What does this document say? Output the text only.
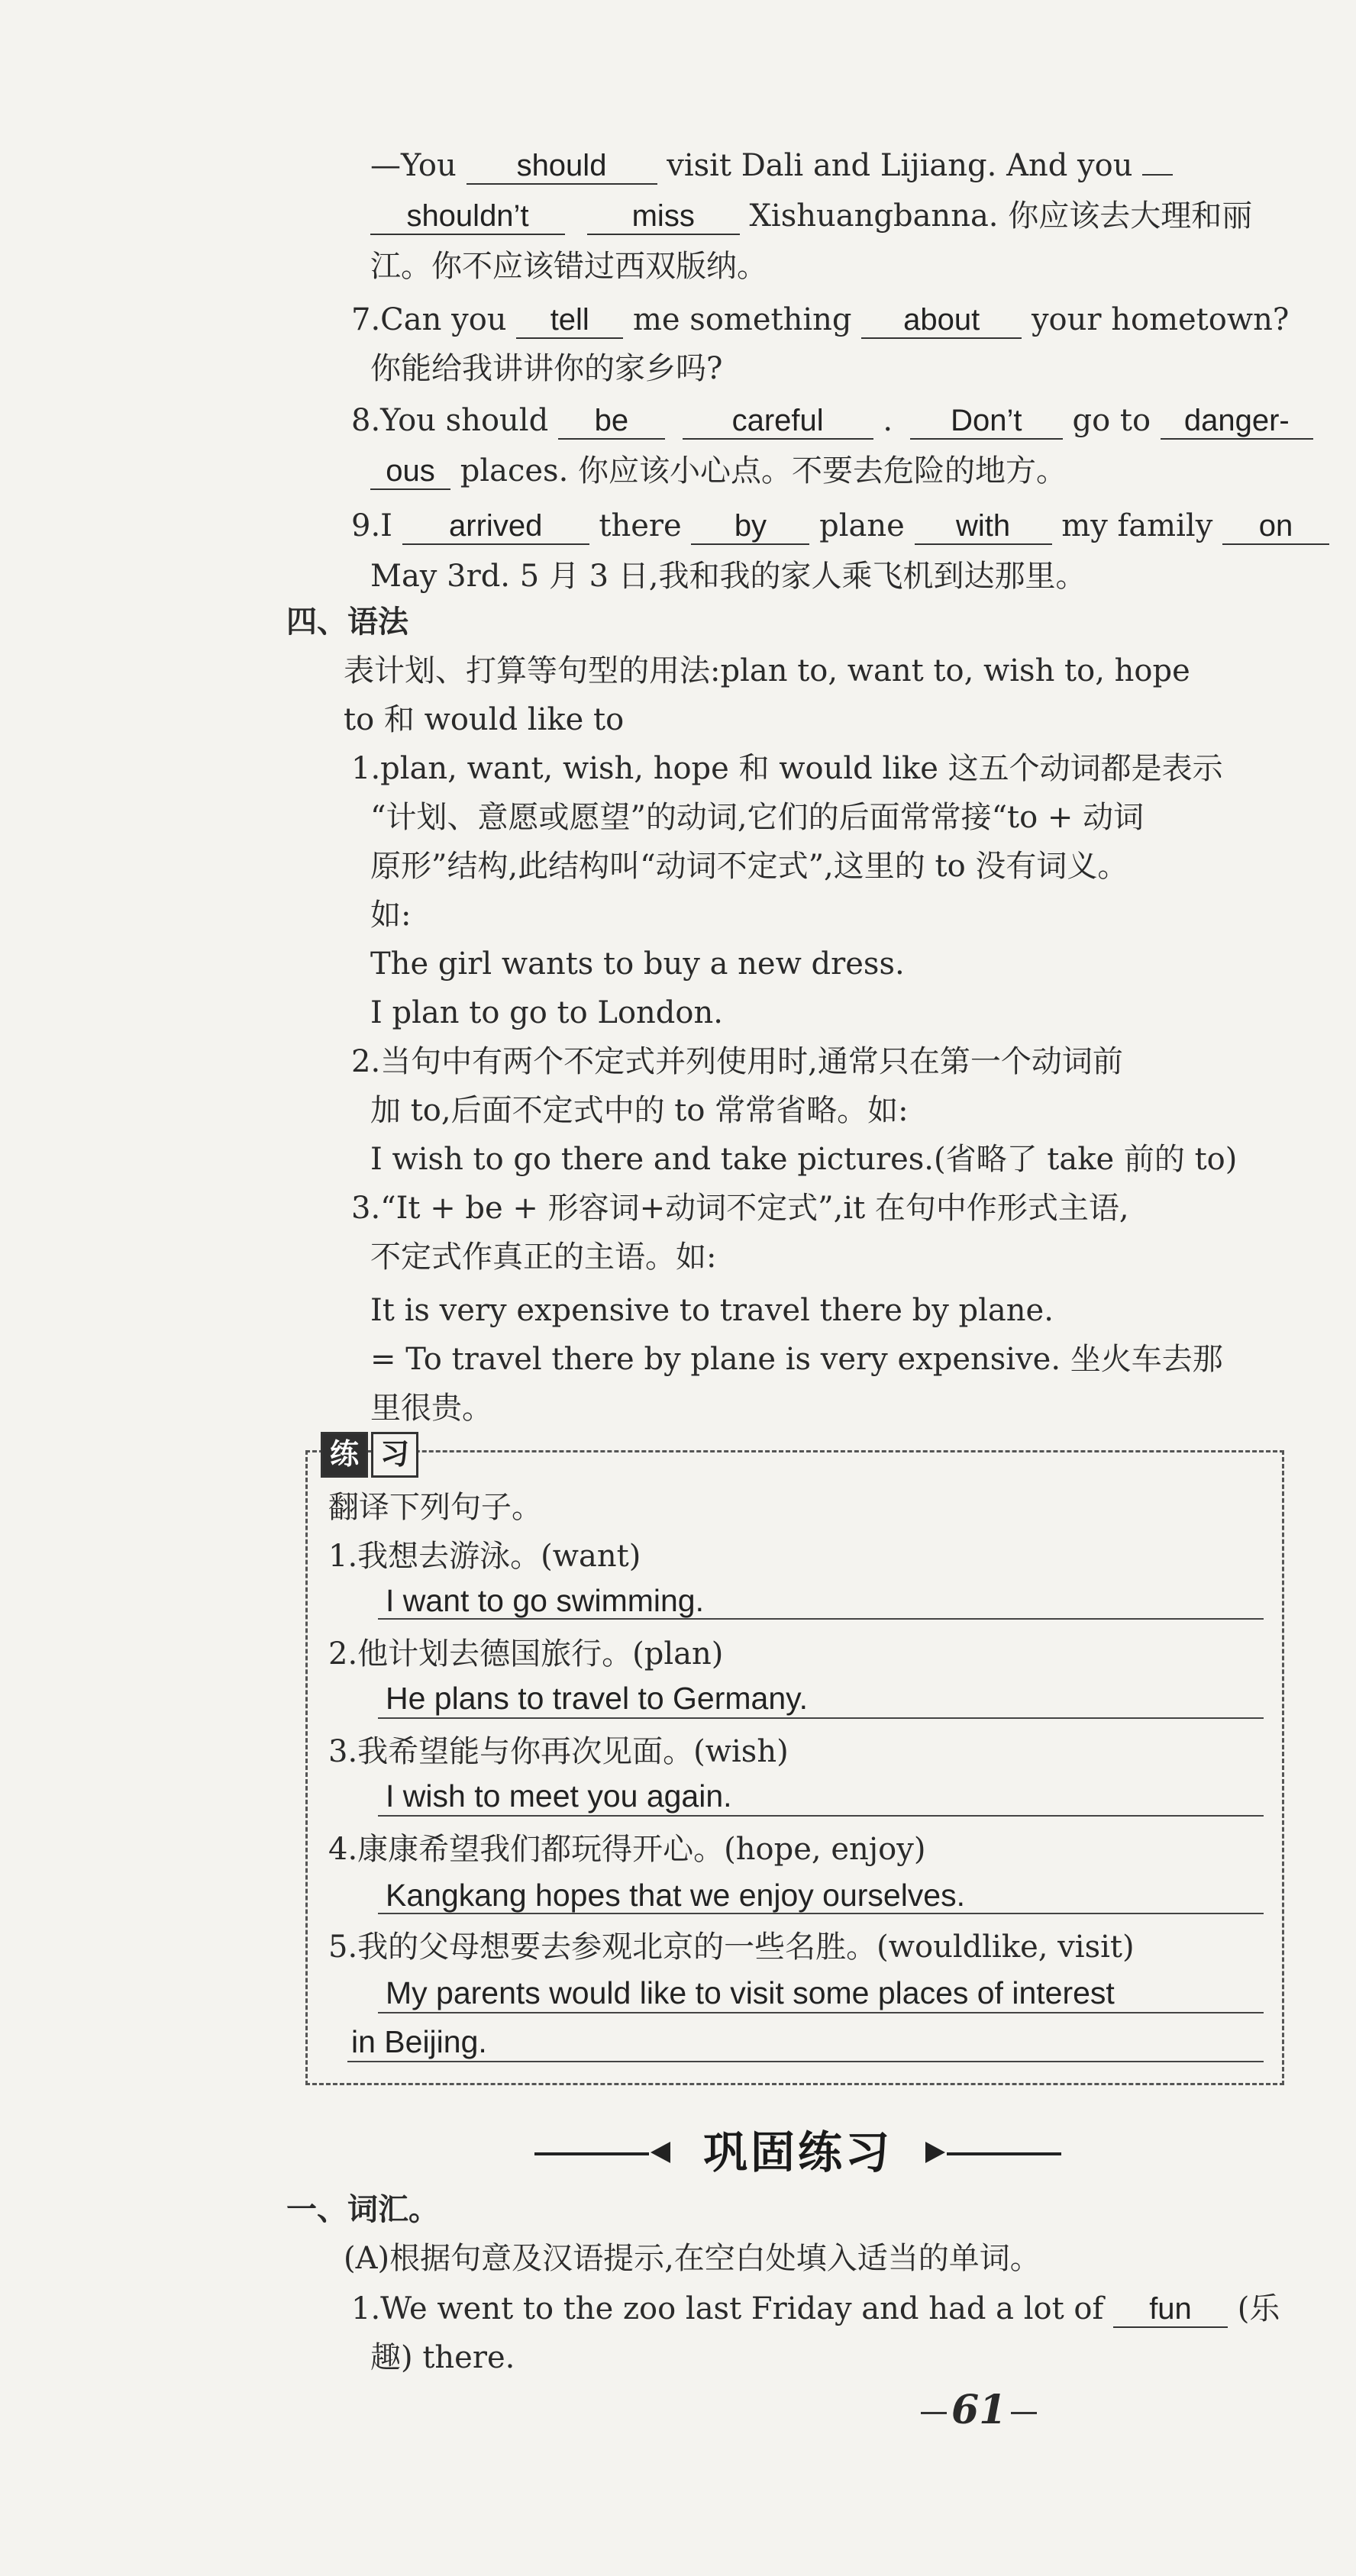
—You should visit Dali and Lijiang. And you
shouldn’t	miss Xishuangbanna. 你应该去大理和丽
江。你不应该错过西双版纳。
7.Can you tell me something about your hometown?
你能给我讲讲你的家乡吗?
8.You should be	careful . Don’t go to danger-
ous places. 你应该小心点。不要去危险的地方。
9.I arrived there by plane with my family on
May 3rd. 5 月 3 日,我和我的家人乘飞机到达那里。
四、语法
表计划、打算等句型的用法:plan to, want to, wish to, hope
to 和 would like to
1.plan, want, wish, hope 和 would like 这五个动词都是表示
“计划、意愿或愿望”的动词,它们的后面常常接“to + 动词
原形”结构,此结构叫“动词不定式”,这里的 to 没有词义。
如:
The girl wants to buy a new dress.
I plan to go to London.
2.当句中有两个不定式并列使用时,通常只在第一个动词前
加 to,后面不定式中的 to 常常省略。如:
I wish to go there and take pictures.(省略了 take 前的 to)
3.“It + be + 形容词+动词不定式”,it 在句中作形式主语,
不定式作真正的主语。如:
It is very expensive to travel there by plane.
= To travel there by plane is very expensive. 坐火车去那
里很贵。
练 习
翻译下列句子。
1.我想去游泳。(want)
I want to go swimming.
2.他计划去德国旅行。(plan)
He plans to travel to Germany.
3.我希望能与你再次见面。(wish)
I wish to meet you again.
4.康康希望我们都玩得开心。(hope, enjoy)
Kangkang hopes that we enjoy ourselves.
5.我的父母想要去参观北京的一些名胜。(wouldlike, visit)
My parents would like to visit some places of interest
in Beijing.
巩固练习
一、词汇。
(A)根据句意及汉语提示,在空白处填入适当的单词。
1.We went to the zoo last Friday and had a lot of fun (乐
趣) there.
61
